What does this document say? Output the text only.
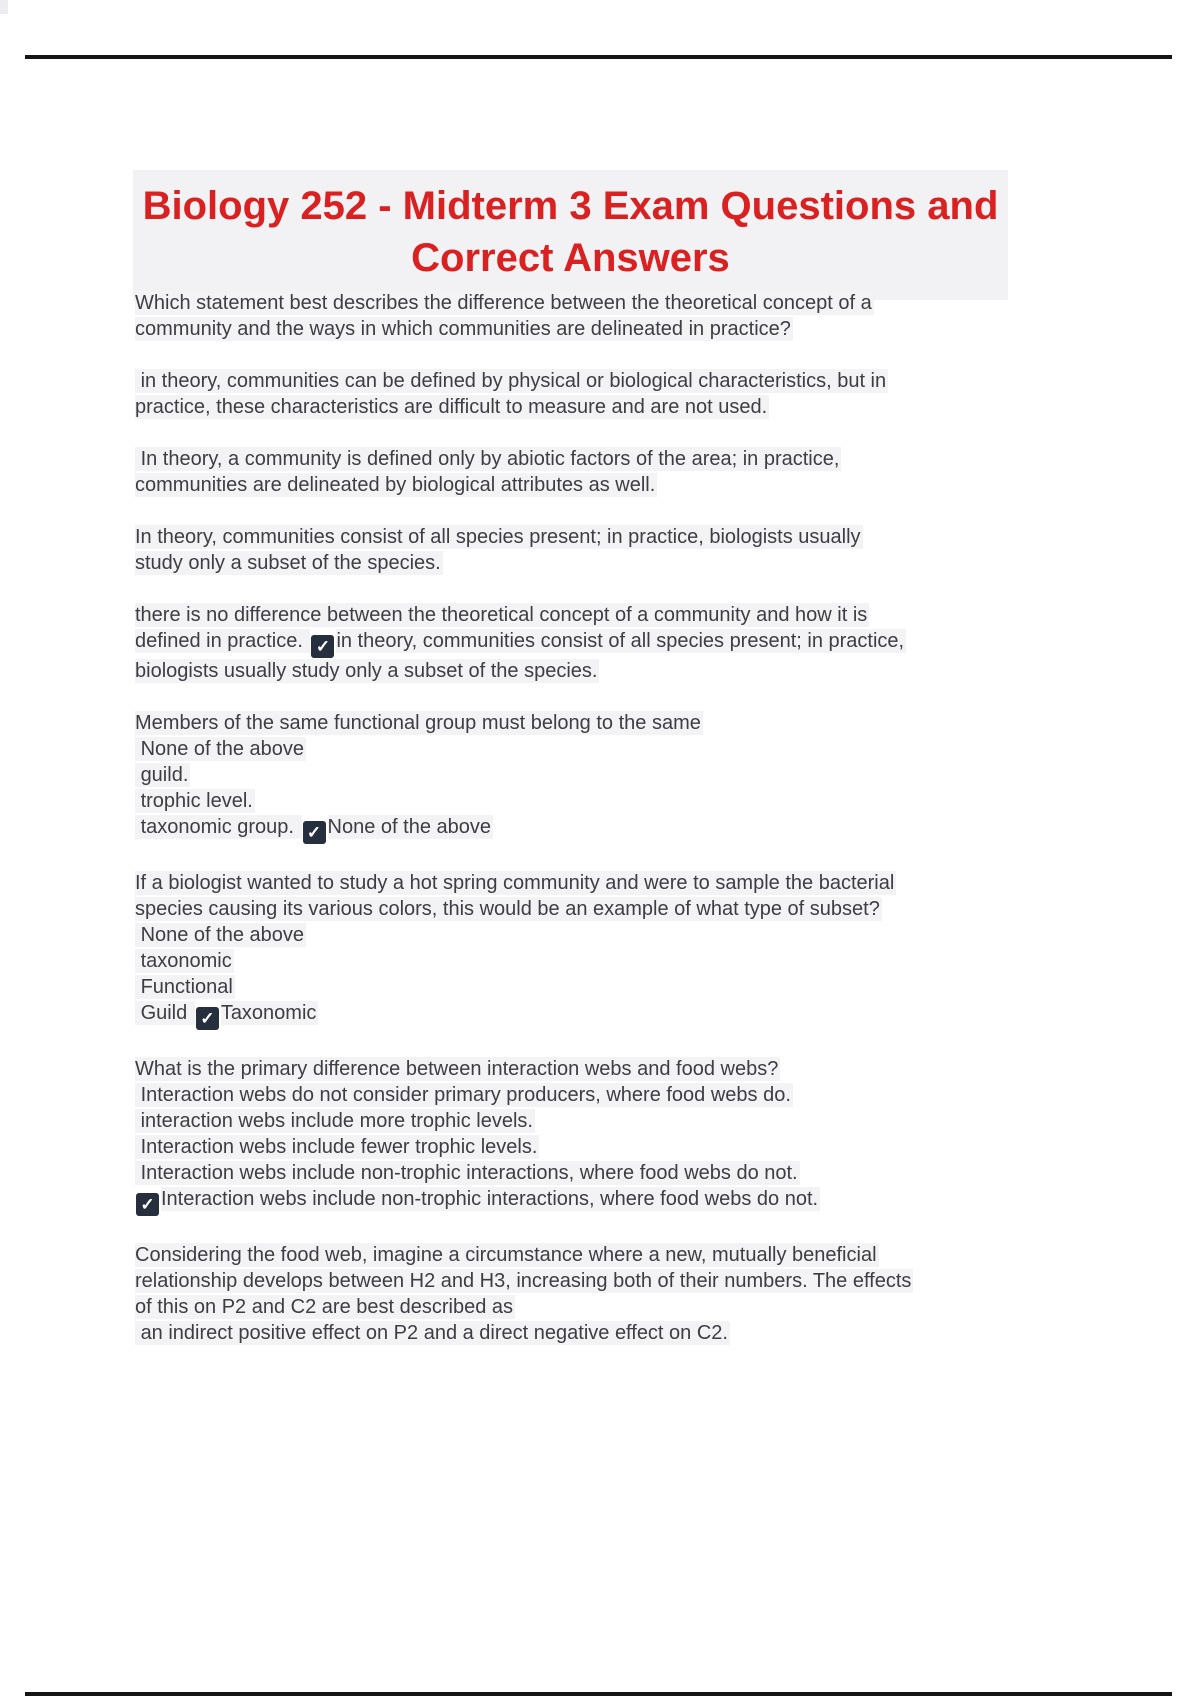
Biology 252 - Midterm 3 Exam Questions and Correct Answers
Which statement best describes the difference between the theoretical concept of a
community and the ways in which communities are delineated in practice?
in theory, communities can be defined by physical or biological characteristics, but in
practice, these characteristics are difficult to measure and are not used.
In theory, a community is defined only by abiotic factors of the area; in practice,
communities are delineated by biological attributes as well.
In theory, communities consist of all species present; in practice, biologists usually
study only a subset of the species.
there is no difference between the theoretical concept of a community and how it is
defined in practice. ✓ in theory, communities consist of all species present; in practice,
biologists usually study only a subset of the species.
Members of the same functional group must belong to the same
None of the above
guild.
trophic level.
taxonomic group. ✓ None of the above
If a biologist wanted to study a hot spring community and were to sample the bacterial
species causing its various colors, this would be an example of what type of subset?
None of the above
taxonomic
Functional
Guild ✓ Taxonomic
What is the primary difference between interaction webs and food webs?
Interaction webs do not consider primary producers, where food webs do.
interaction webs include more trophic levels.
Interaction webs include fewer trophic levels.
Interaction webs include non-trophic interactions, where food webs do not.
✓ Interaction webs include non-trophic interactions, where food webs do not.
Considering the food web, imagine a circumstance where a new, mutually beneficial
relationship develops between H2 and H3, increasing both of their numbers. The effects
of this on P2 and C2 are best described as
an indirect positive effect on P2 and a direct negative effect on C2.
